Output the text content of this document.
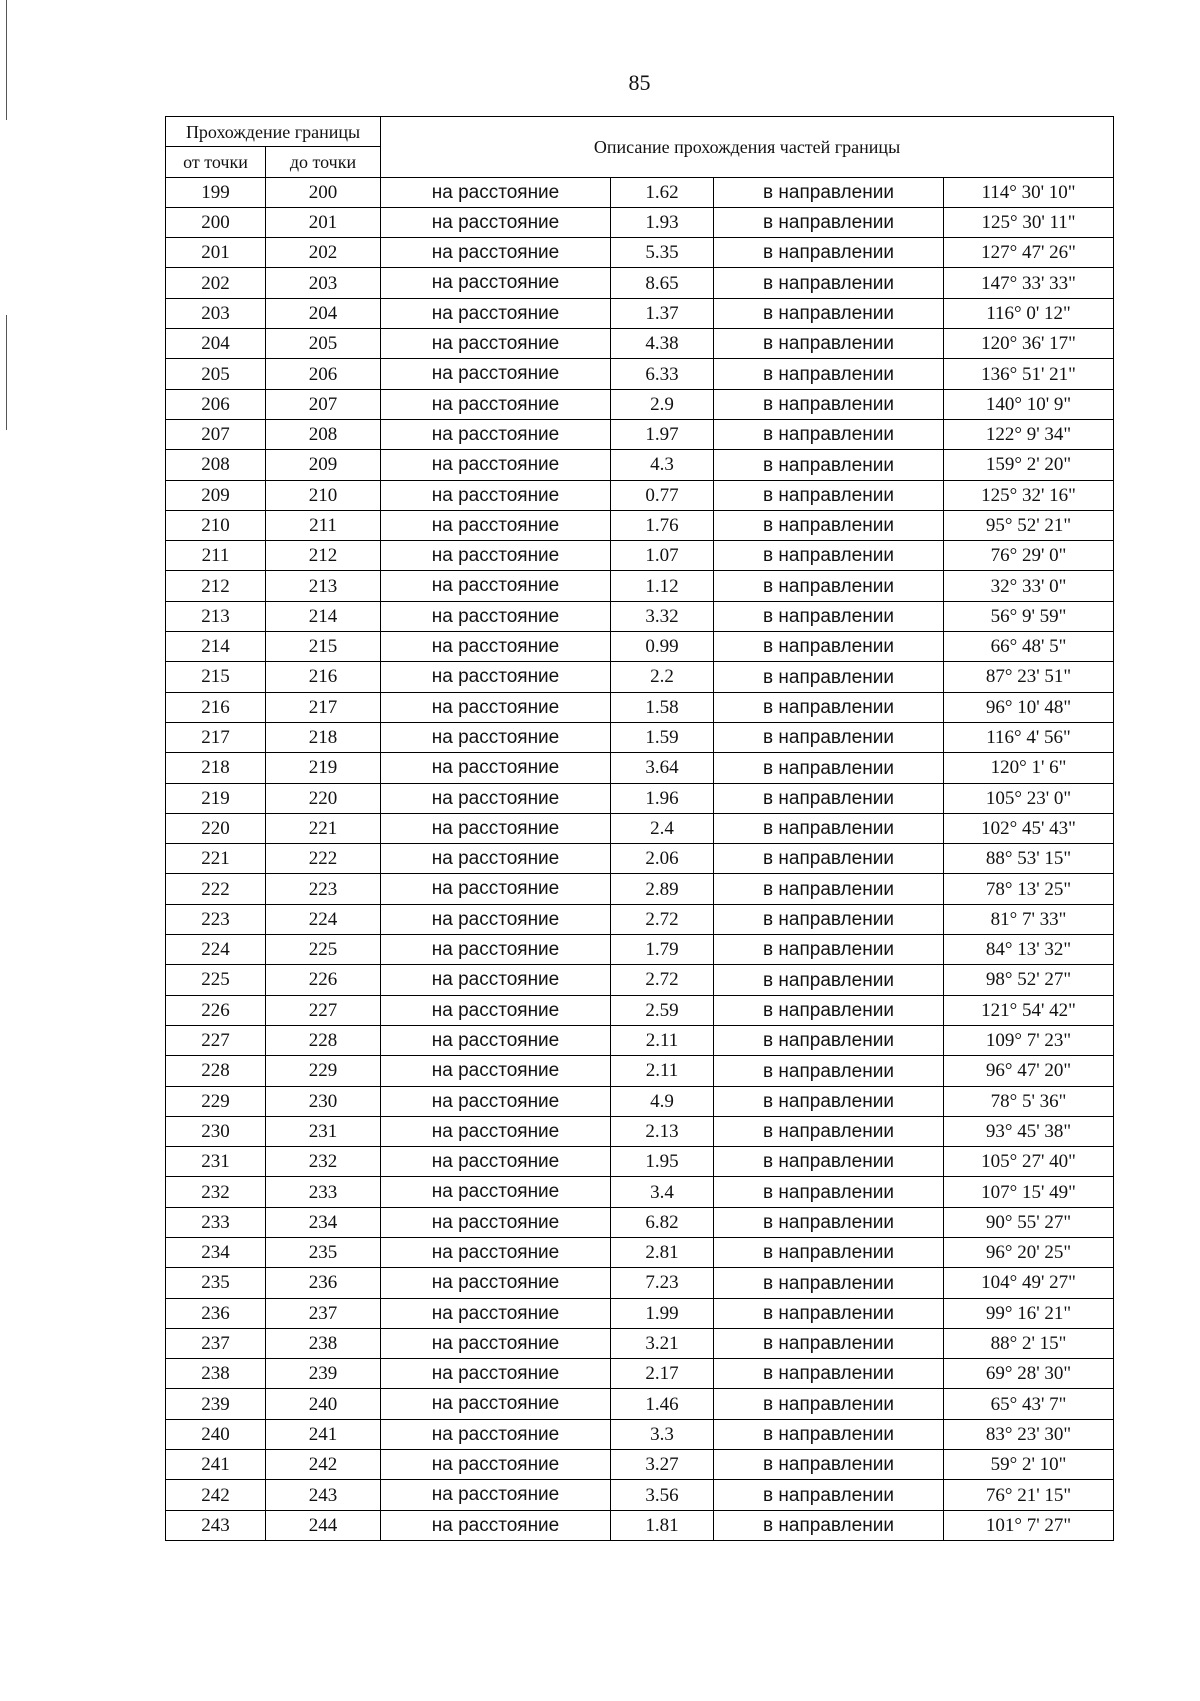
85
Прохождение границы		Описание прохождения частей границы			
от точки	до точки				
199	200	на расстояние	1.62	в направлении	114° 30' 10"
200	201	на расстояние	1.93	в направлении	125° 30' 11"
201	202	на расстояние	5.35	в направлении	127° 47' 26"
202	203	на расстояние	8.65	в направлении	147° 33' 33"
203	204	на расстояние	1.37	в направлении	116° 0' 12"
204	205	на расстояние	4.38	в направлении	120° 36' 17"
205	206	на расстояние	6.33	в направлении	136° 51' 21"
206	207	на расстояние	2.9	в направлении	140° 10' 9"
207	208	на расстояние	1.97	в направлении	122° 9' 34"
208	209	на расстояние	4.3	в направлении	159° 2' 20"
209	210	на расстояние	0.77	в направлении	125° 32' 16"
210	211	на расстояние	1.76	в направлении	95° 52' 21"
211	212	на расстояние	1.07	в направлении	76° 29' 0"
212	213	на расстояние	1.12	в направлении	32° 33' 0"
213	214	на расстояние	3.32	в направлении	56° 9' 59"
214	215	на расстояние	0.99	в направлении	66° 48' 5"
215	216	на расстояние	2.2	в направлении	87° 23' 51"
216	217	на расстояние	1.58	в направлении	96° 10' 48"
217	218	на расстояние	1.59	в направлении	116° 4' 56"
218	219	на расстояние	3.64	в направлении	120° 1' 6"
219	220	на расстояние	1.96	в направлении	105° 23' 0"
220	221	на расстояние	2.4	в направлении	102° 45' 43"
221	222	на расстояние	2.06	в направлении	88° 53' 15"
222	223	на расстояние	2.89	в направлении	78° 13' 25"
223	224	на расстояние	2.72	в направлении	81° 7' 33"
224	225	на расстояние	1.79	в направлении	84° 13' 32"
225	226	на расстояние	2.72	в направлении	98° 52' 27"
226	227	на расстояние	2.59	в направлении	121° 54' 42"
227	228	на расстояние	2.11	в направлении	109° 7' 23"
228	229	на расстояние	2.11	в направлении	96° 47' 20"
229	230	на расстояние	4.9	в направлении	78° 5' 36"
230	231	на расстояние	2.13	в направлении	93° 45' 38"
231	232	на расстояние	1.95	в направлении	105° 27' 40"
232	233	на расстояние	3.4	в направлении	107° 15' 49"
233	234	на расстояние	6.82	в направлении	90° 55' 27"
234	235	на расстояние	2.81	в направлении	96° 20' 25"
235	236	на расстояние	7.23	в направлении	104° 49' 27"
236	237	на расстояние	1.99	в направлении	99° 16' 21"
237	238	на расстояние	3.21	в направлении	88° 2' 15"
238	239	на расстояние	2.17	в направлении	69° 28' 30"
239	240	на расстояние	1.46	в направлении	65° 43' 7"
240	241	на расстояние	3.3	в направлении	83° 23' 30"
241	242	на расстояние	3.27	в направлении	59° 2' 10"
242	243	на расстояние	3.56	в направлении	76° 21' 15"
243	244	на расстояние	1.81	в направлении	101° 7' 27"
